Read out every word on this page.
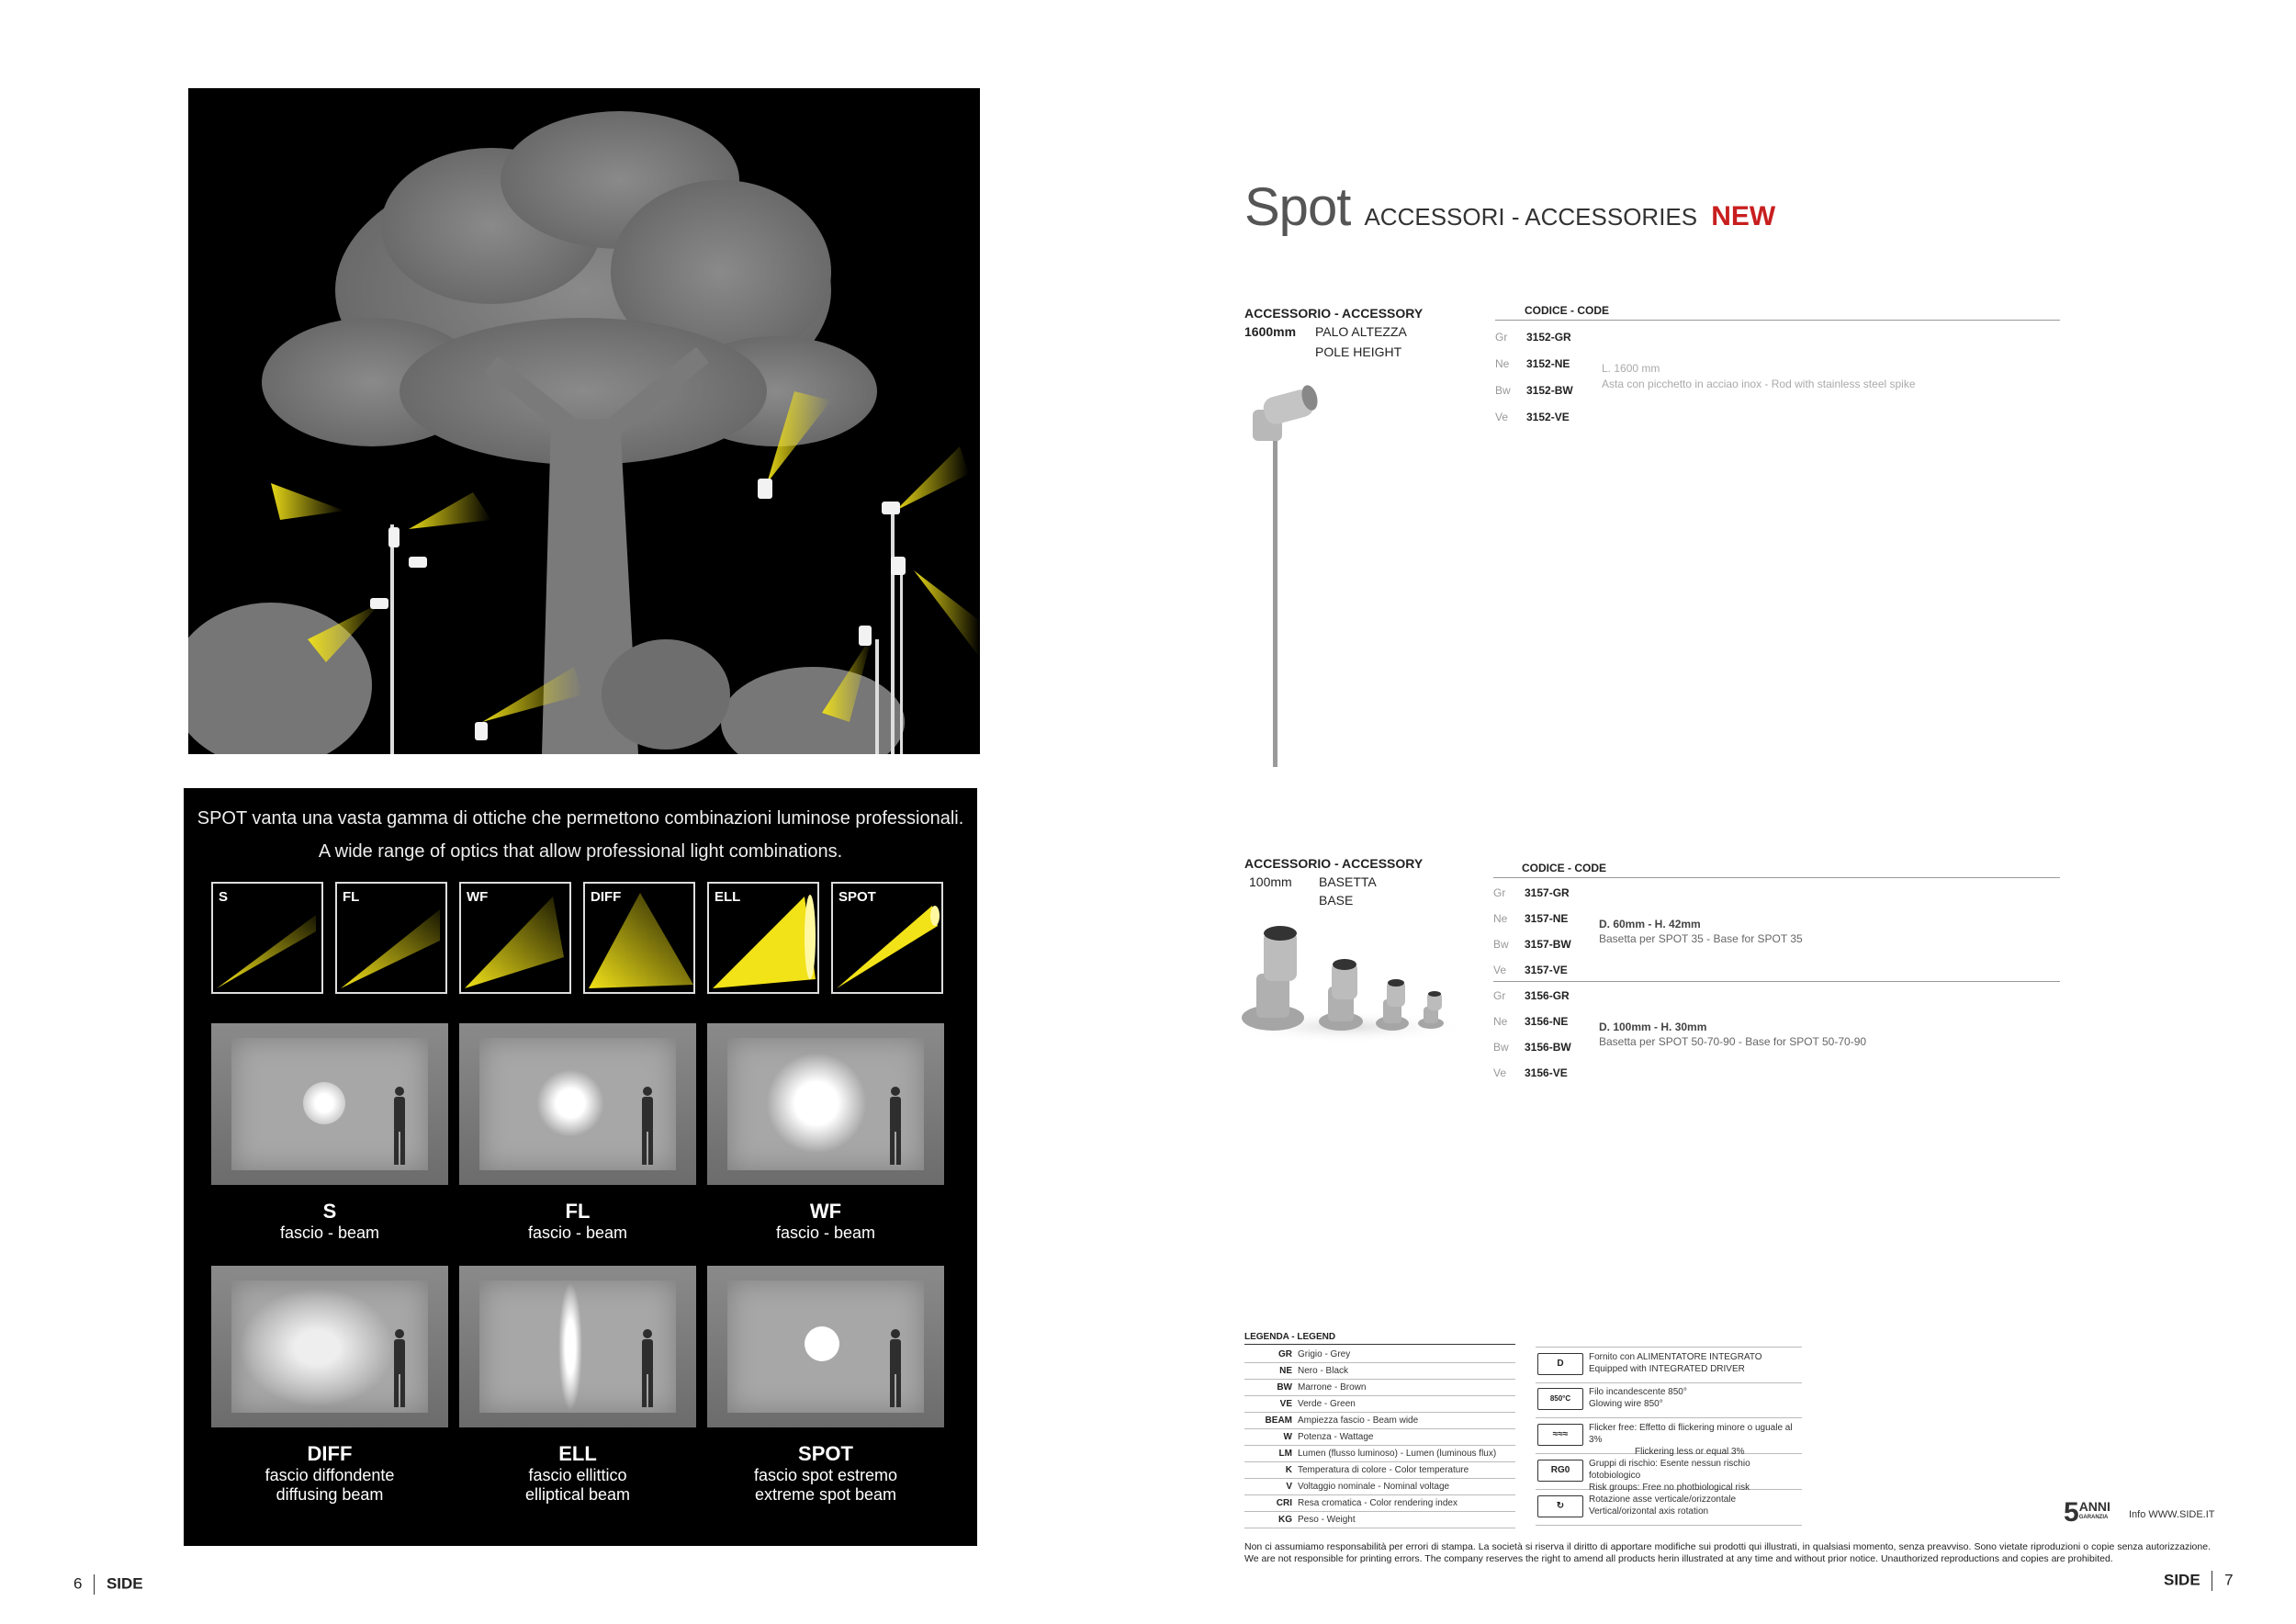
SPOT vanta una vasta gamma di ottiche che permettono combinazioni luminose professionali.
A wide range of optics that allow professional light combinations.
S	FL	WF	DIFF	ELL	SPOT
S
fascio - beam
FL
fascio - beam
WF
fascio - beam
DIFF
fascio diffondente
diffusing beam
ELL
fascio ellittico
elliptical beam
SPOT
fascio spot estremo
extreme spot beam
6 SIDE
Spot ACCESSORI - ACCESSORIES NEW
ACCESSORIO - ACCESSORY
1600mm PALO ALTEZZA
POLE HEIGHT
CODICE - CODE
Gr 3152-GR
Ne 3152-NE
Bw 3152-BW
Ve 3152-VE
L. 1600 mm
Asta con picchetto in acciao inox - Rod with stainless steel spike
ACCESSORIO - ACCESSORY
100mm BASETTA
BASE
CODICE - CODE
Gr 3157-GR
Ne 3157-NE
Bw 3157-BW
Ve 3157-VE
D. 60mm - H. 42mm
Basetta per SPOT 35 - Base for SPOT 35
Gr 3156-GR
Ne 3156-NE
Bw 3156-BW
Ve 3156-VE
D. 100mm - H. 30mm
Basetta per SPOT 50-70-90 - Base for SPOT 50-70-90
LEGENDA - LEGEND
GR Grigio - Grey
NE Nero - Black
BW Marrone - Brown
VE Verde - Green
BEAM Ampiezza fascio - Beam wide
W Potenza - Wattage
LM Lumen (flusso luminoso) - Lumen (luminous flux)
K Temperatura di colore - Color temperature
V Voltaggio nominale - Nominal voltage
CRI Resa cromatica - Color rendering index
KG Peso - Weight
D
Fornito con ALIMENTATORE INTEGRATO
Equipped with INTEGRATED DRIVER
850°C
Filo incandescente 850°
Glowing wire 850°
≈≈≈
Flicker free: Effetto di flickering minore o uguale al 3%
Flickering less or equal 3%
RG0
Gruppi di rischio: Esente nessun rischio fotobiologico
Risk groups: Free no photbiological risk
↻
Rotazione asse verticale/orizzontale
Vertical/orizontal axis rotation	5 ANNI
GARANZIA Info WWW.SIDE.IT
Non ci assumiamo responsabilità per errori di stampa. La società si riserva il diritto di apportare modifiche sui prodotti qui illustrati, in qualsiasi momento, senza preavviso. Sono vietate riproduzioni o copie senza autorizzazione. We are not responsible for printing errors. The company reserves the right to amend all products herin illustrated at any time and without prior notice. Unauthorized reproductions and copies are prohibited.
SIDE 7
